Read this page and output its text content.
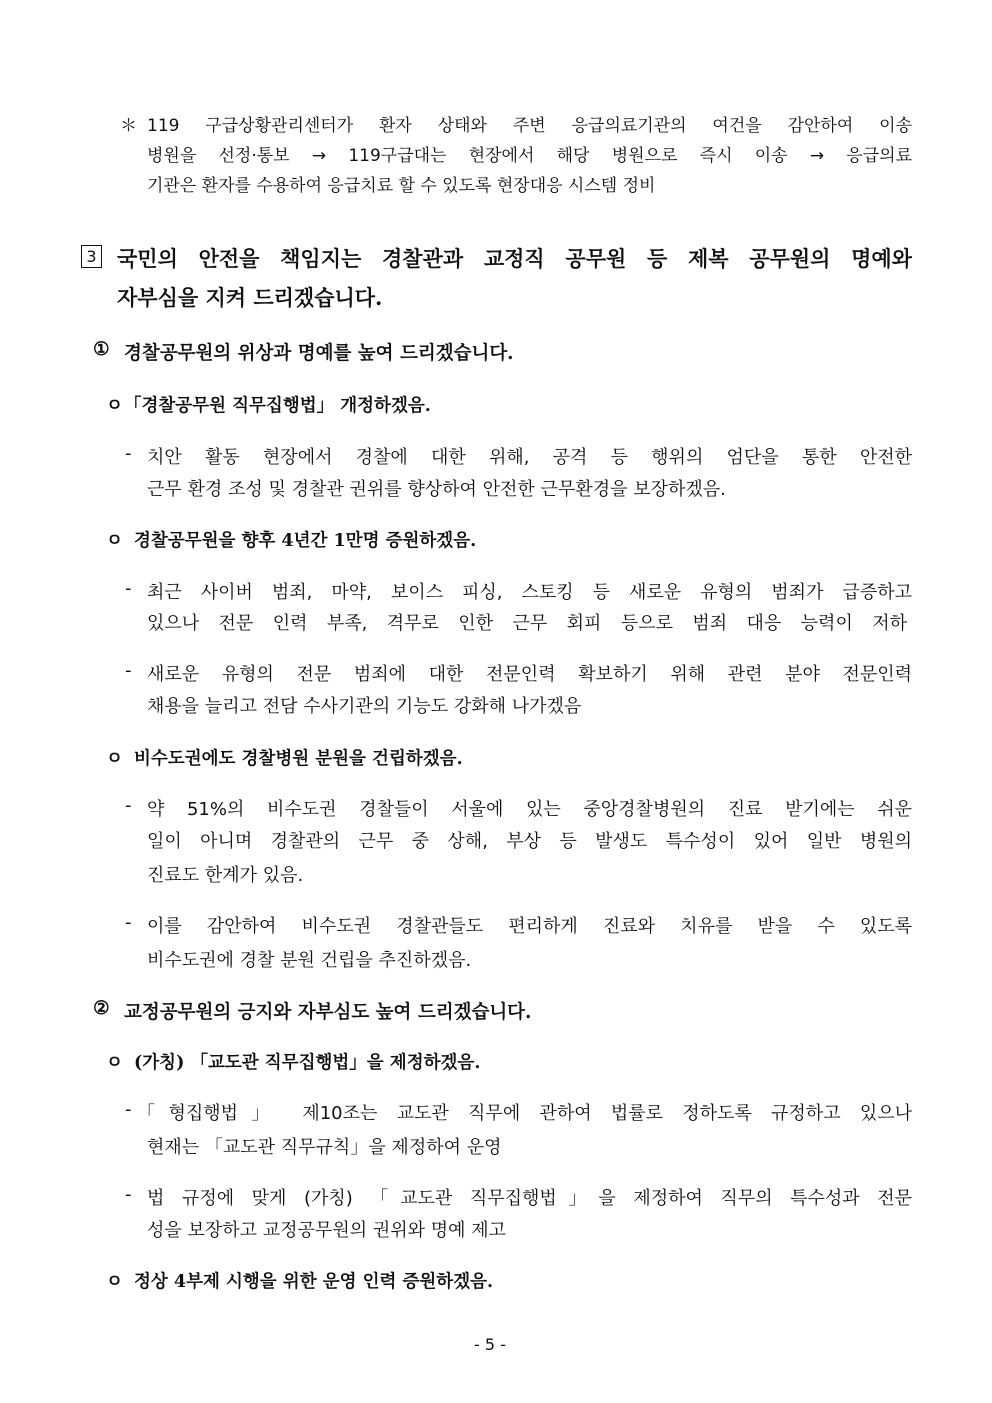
＊ 119 구급상황관리센터가 환자 상태와 주변 응급의료기관의 여건을 감안하여 이송
병원을 선정·통보 → 119구급대는 현장에서 해당 병원으로 즉시 이송 → 응급의료
기관은 환자를 수용하여 응급치료 할 수 있도록 현장대응 시스템 정비
3 국민의 안전을 책임지는 경찰관과 교정직 공무원 등 제복 공무원의 명예와
자부심을 지켜 드리겠습니다.
① 경찰공무원의 위상과 명예를 높여 드리겠습니다.
ㅇ 「경찰공무원 직무집행법」 개정하겠음.
- 치안 활동 현장에서 경찰에 대한 위해, 공격 등 행위의 엄단을 통한 안전한
근무 환경 조성 및 경찰관 권위를 향상하여 안전한 근무환경을 보장하겠음.
ㅇ 경찰공무원을 향후 4년간 1만명 증원하겠음.
- 최근 사이버 범죄, 마약, 보이스 피싱, 스토킹 등 새로운 유형의 범죄가 급증하고
있으나 전문 인력 부족, 격무로 인한 근무 회피 등으로 범죄 대응 능력이 저하
- 새로운 유형의 전문 범죄에 대한 전문인력 확보하기 위해 관련 분야 전문인력
채용을 늘리고 전담 수사기관의 기능도 강화해 나가겠음
ㅇ 비수도권에도 경찰병원 분원을 건립하겠음.
- 약 51%의 비수도권 경찰들이 서울에 있는 중앙경찰병원의 진료 받기에는 쉬운
일이 아니며 경찰관의 근무 중 상해, 부상 등 발생도 특수성이 있어 일반 병원의
진료도 한계가 있음.
- 이를 감안하여 비수도권 경찰관들도 편리하게 진료와 치유를 받을 수 있도록
비수도권에 경찰 분원 건립을 추진하겠음.
② 교정공무원의 긍지와 자부심도 높여 드리겠습니다.
ㅇ (가칭) 「교도관 직무집행법」을 제정하겠음.
- 「형집행법」 제10조는 교도관 직무에 관하여 법률로 정하도록 규정하고 있으나
현재는 「교도관 직무규칙」을 제정하여 운영
- 법 규정에 맞게 (가칭) 「교도관 직무집행법」을 제정하여 직무의 특수성과 전문
성을 보장하고 교정공무원의 권위와 명예 제고
ㅇ 정상 4부제 시행을 위한 운영 인력 증원하겠음.
- 5 -
